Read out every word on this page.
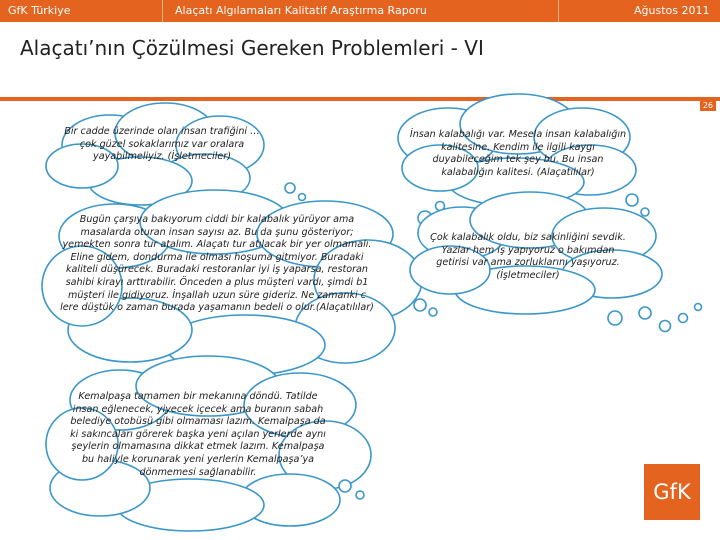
GfK Türkiye	Alaçatı Algılamaları Kalitatif Araştırma Raporu	Ağustos 2011
Alaçatı’nın Çözülmesi Gereken Problemleri - VI
26
Bir cadde üzerinde olan insan trafiğini …çok güzel sokaklarımız var oralara yayabilmeliyiz. (İşletmeciler)
İnsan kalabalığı var. Mesela insan kalabalığın kalitesine. Kendim ile ilgili kaygı duyabileceğim tek şey bu. Bu insan kalabalığın kalitesi. (Alaçatılılar)
Bugün çarşıya bakıyorum ciddi bir kalabalık yürüyor ama masalarda oturan insan sayısı az. Bu da şunu gösteriyor; yemekten sonra tur atalım. Alaçatı tur atılacak bir yer olmamalı. Eline gidem, dondurma ile olması hoşuma gitmiyor. Buradaki kaliteli düşürecek. Buradaki restoranlar iyi iş yaparsa, restoran sahibi kirayı arttırabilir. Önceden a plus müşteri vardı, şimdi b1 müşteri ile gidiyoruz. İnşallah uzun süre gideriz. Ne zamanki c lere düştük o zaman burada yaşamanın bedeli o olur.(Alaçatılılar)
Çok kalabalık oldu, biz sakinliğini sevdik. Yazlar hem iş yapıyoruz o bakımdan getirisi var ama zorluklarını yaşıyoruz. (İşletmeciler)
Kemalpaşa tamamen bir mekanına döndü. Tatilde insan eğlenecek, yiyecek içecek ama buranın sabah belediye otobüsü gibi olmaması lazım. Kemalpaşa da ki sakıncaları görerek başka yeni açılan yerlerde aynı şeylerin olmamasına dikkat etmek lazım. Kemalpaşa bu haliyle korunarak yeni yerlerin Kemalpaşa’ya dönmemesi sağlanabilir.
GfK
